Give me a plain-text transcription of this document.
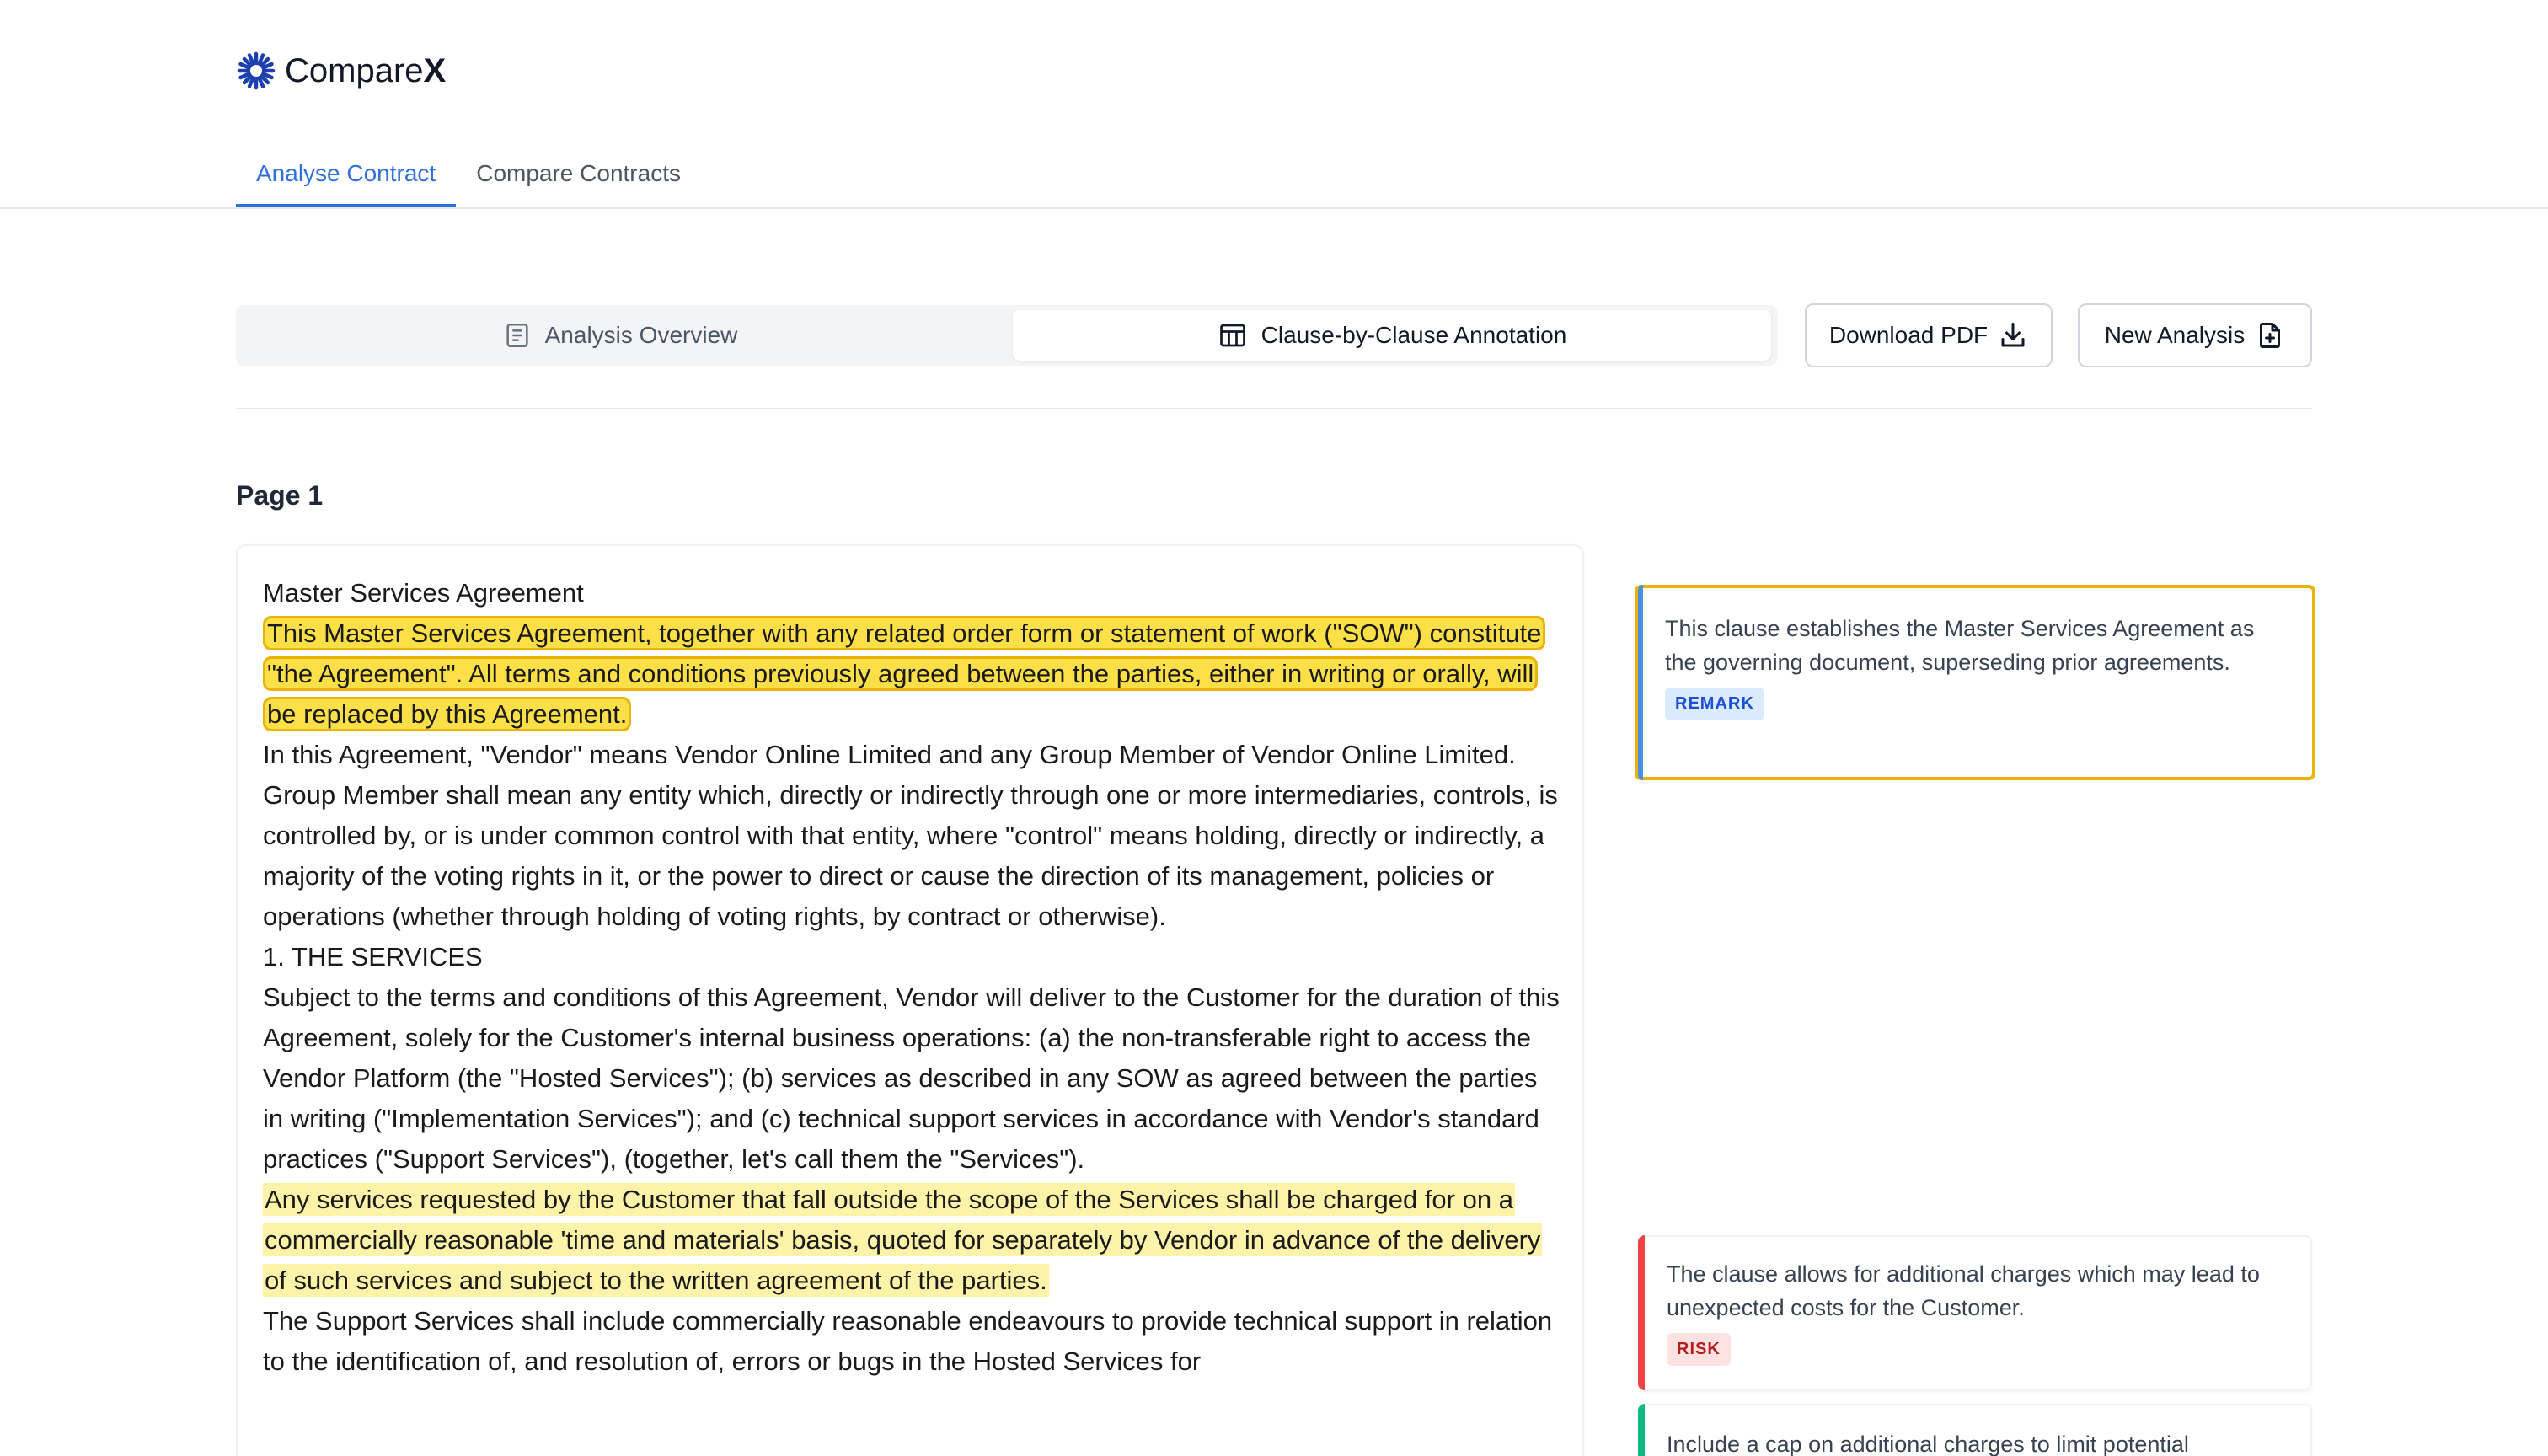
CompareX
Analyse Contract	Compare Contracts
Analysis Overview	Clause-by-Clause Annotation	Download PDF	New Analysis
Page 1

Master Services Agreement

This Master Services Agreement, together with any related order form or statement of work ("SOW") constitute "the Agreement". All terms and conditions previously agreed between the parties, either in writing or orally, will be replaced by this Agreement.

In this Agreement, "Vendor" means Vendor Online Limited and any Group Member of Vendor Online Limited. Group Member shall mean any entity which, directly or indirectly through one or more intermediaries, controls, is controlled by, or is under common control with that entity, where "control" means holding, directly or indirectly, a majority of the voting rights in it, or the power to direct or cause the direction of its management, policies or operations (whether through holding of voting rights, by contract or otherwise).

1. THE SERVICES

Subject to the terms and conditions of this Agreement, Vendor will deliver to the Customer for the duration of this Agreement, solely for the Customer's internal business operations: (a) the non-transferable right to access the Vendor Platform (the "Hosted Services"); (b) services as described in any SOW as agreed between the parties in writing ("Implementation Services"); and (c) technical support services in accordance with Vendor's standard practices ("Support Services"), (together, let's call them the "Services").

Any services requested by the Customer that fall outside the scope of the Services shall be charged for on a commercially reasonable 'time and materials' basis, quoted for separately by Vendor in advance of the delivery of such services and subject to the written agreement of the parties.

The Support Services shall include commercially reasonable endeavours to provide technical support in relation to the identification of, and resolution of, errors or bugs in the Hosted Services for

This clause establishes the Master Services Agreement as the governing document, superseding prior agreements.
REMARK
The clause allows for additional charges which may lead to unexpected costs for the Customer.
RISK
Include a cap on additional charges to limit potential
